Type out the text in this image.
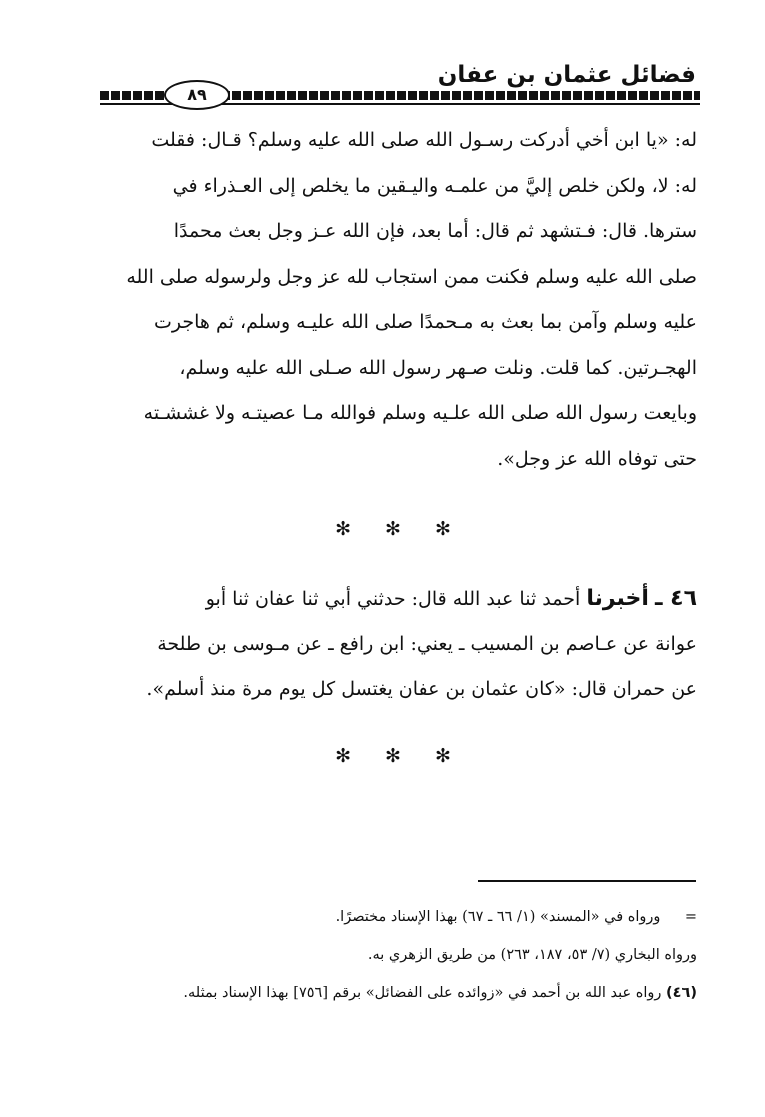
فضائل عثمان بن عفان
٨٩
له: «يا ابن أخي أدركت رسـول الله صلى الله عليه وسلم؟ قـال: فقلت
له: لا، ولكن خلص إليَّ من علمـه واليـقين ما يخلص إلى العـذراء في
سترها. قال: فـتشهد ثم قال: أما بعد، فإن الله عـز وجل بعث محمدًا
صلى الله عليه وسلم فكنت ممن استجاب لله عز وجل ولرسوله صلى الله
عليه وسلم وآمن بما بعث به مـحمدًا صلى الله عليـه وسلم، ثم هاجرت
الهجـرتين. كما قلت. ونلت صـهر رسول الله صـلى الله عليه وسلم،
وبايعت رسول الله صلى الله علـيه وسلم فوالله مـا عصيتـه ولا غششـته
حتى توفاه الله عز وجل».
✻ ✻ ✻
٤٦ ـ أخبرنا أحمد ثنا عبد الله قال: حدثني أبي ثنا عفان ثنا أبو
عوانة عن عـاصم بن المسيب ـ يعني: ابن رافع ـ عن مـوسى بن طلحة
عن حمران قال: «كان عثمان بن عفان يغتسل كل يوم مرة منذ أسلم».
✻ ✻ ✻
= ورواه في «المسند» (١/ ٦٦ ـ ٦٧) بهذا الإسناد مختصرًا.
ورواه البخاري (٧/ ٥٣، ١٨٧، ٢٦٣) من طريق الزهري به.
(٤٦) رواه عبد الله بن أحمد في «زوائده على الفضائل» برقم [٧٥٦] بهذا الإسناد بمثله.
